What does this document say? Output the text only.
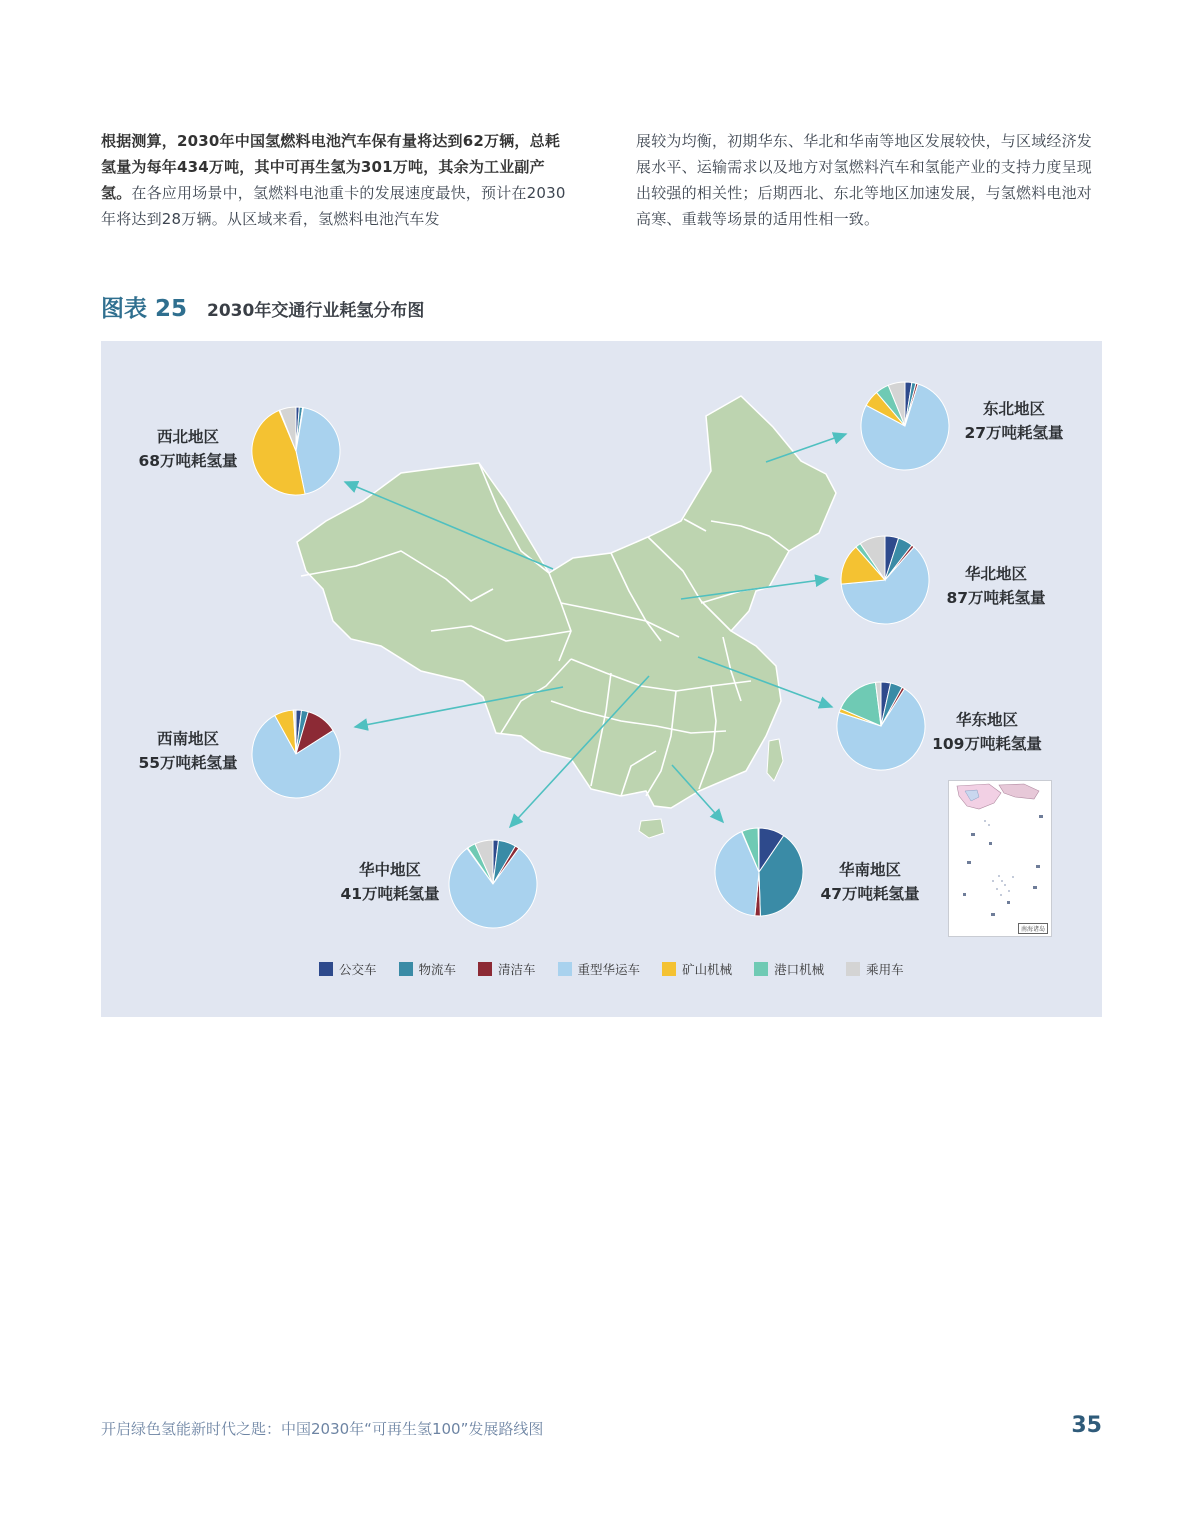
根据测算，2030年中国氢燃料电池汽车保有量将达到62万辆，总耗氢量为每年434万吨，其中可再生氢为301万吨，其余为工业副产氢。在各应用场景中，氢燃料电池重卡的发展速度最快，预计在2030年将达到28万辆。从区域来看，氢燃料电池汽车发
展较为均衡，初期华东、华北和华南等地区发展较快，与区域经济发展水平、运输需求以及地方对氢燃料汽车和氢能产业的支持力度呈现出较强的相关性；后期西北、东北等地区加速发展，与氢燃料电池对高寒、重载等场景的适用性相一致。
图表 25 2030年交通行业耗氢分布图
西北地区
68万吨耗氢量
东北地区
27万吨耗氢量
华北地区
87万吨耗氢量
西南地区
55万吨耗氢量
华东地区
109万吨耗氢量
华中地区
41万吨耗氢量
华南地区
47万吨耗氢量
南海诸岛
公交车	物流车	清洁车	重型华运车	矿山机械	港口机械	乘用车
开启绿色氢能新时代之匙：中国2030年“可再生氢100”发展路线图	35
